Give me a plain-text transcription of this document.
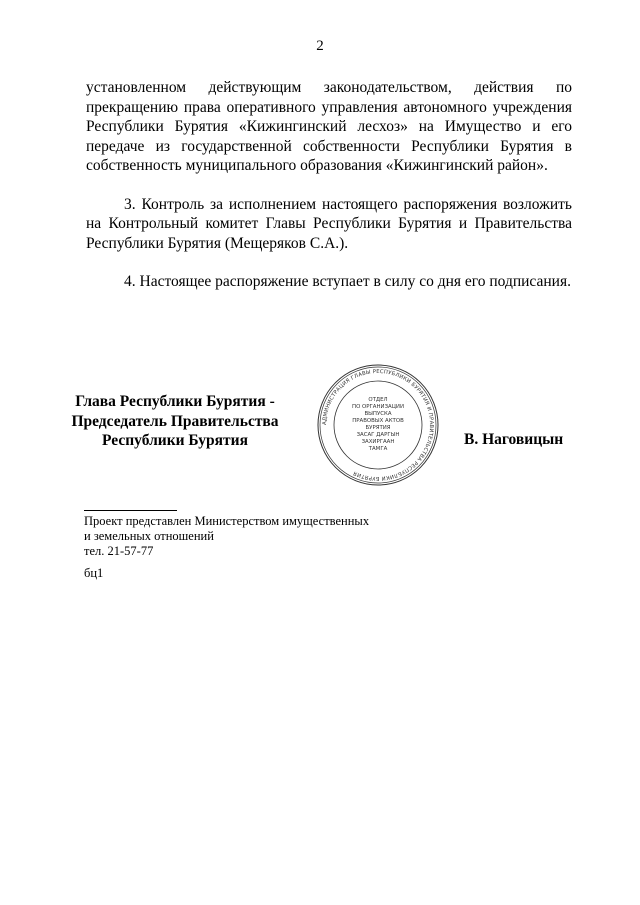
2

установленном действующим законодательством, действия по прекращению права оперативного управления автономного учреждения Республики Бурятия «Кижингинский лесхоз» на Имущество и его передаче из государственной собственности Республики Бурятия в собственность муниципального образования «Кижингинский район».

3. Контроль за исполнением настоящего распоряжения возложить на Контрольный комитет Главы Республики Бурятия и Правительства Республики Бурятия (Мещеряков С.А.).

4. Настоящее распоряжение вступает в силу со дня его подписания.

Глава Республики Бурятия -
Председатель Правительства
Республики Бурятия
АДМИНИСТРАЦИЯ ГЛАВЫ РЕСПУБЛИКИ БУРЯТИЯ И ПРАВИТЕЛЬСТВА РЕСПУБЛИКИ БУРЯТИЯ
ОТДЕЛ
ПО ОРГАНИЗАЦИИ
ВЫПУСКА
ПРАВОВЫХ АКТОВ
БУРЯТИЯ
ЗАСАГ ДАРГЫН
ЗАХИРГААН
ТАМГА
В. Наговицын
Проект представлен Министерством имущественных
и земельных отношений
тел. 21-57-77
бц1
